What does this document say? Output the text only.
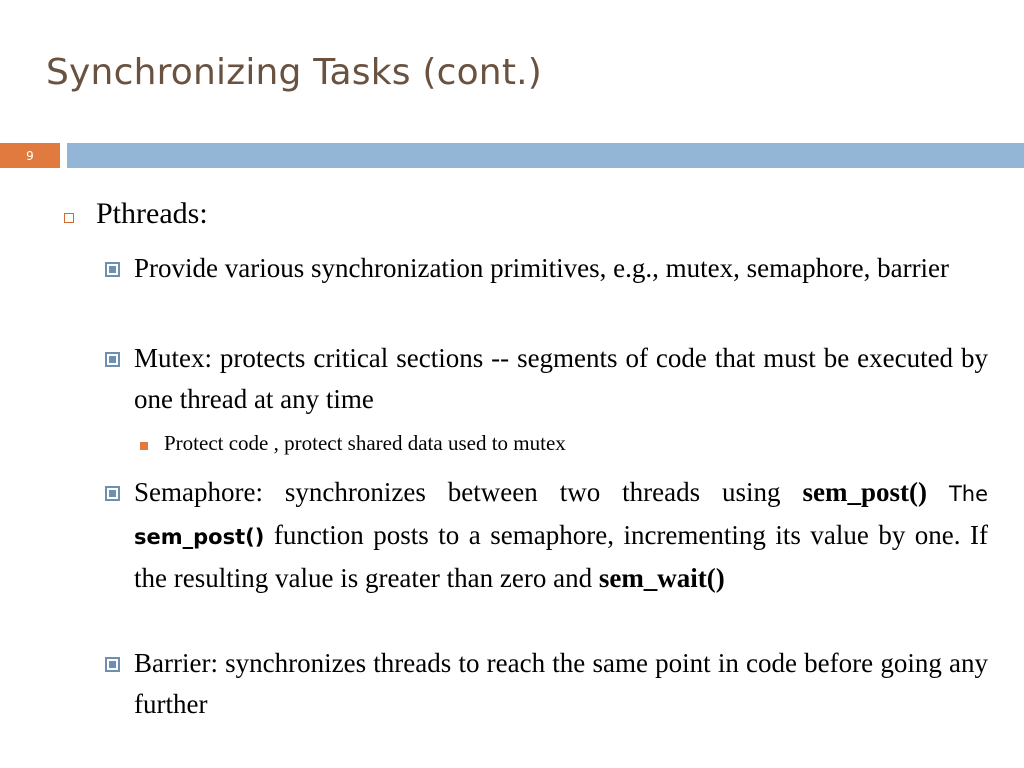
Synchronizing Tasks (cont.)
9
Pthreads:
Provide various synchronization primitives, e.g., mutex, semaphore, barrier
Mutex: protects critical sections -- segments of code that must be executed by one thread at any time
Protect code , protect shared data used to mutex
Semaphore: synchronizes between two threads using sem_post() The sem_post() function posts to a semaphore, incrementing its value by one. If the resulting value is greater than zero and sem_wait()
Barrier: synchronizes threads to reach the same point in code before going any further
